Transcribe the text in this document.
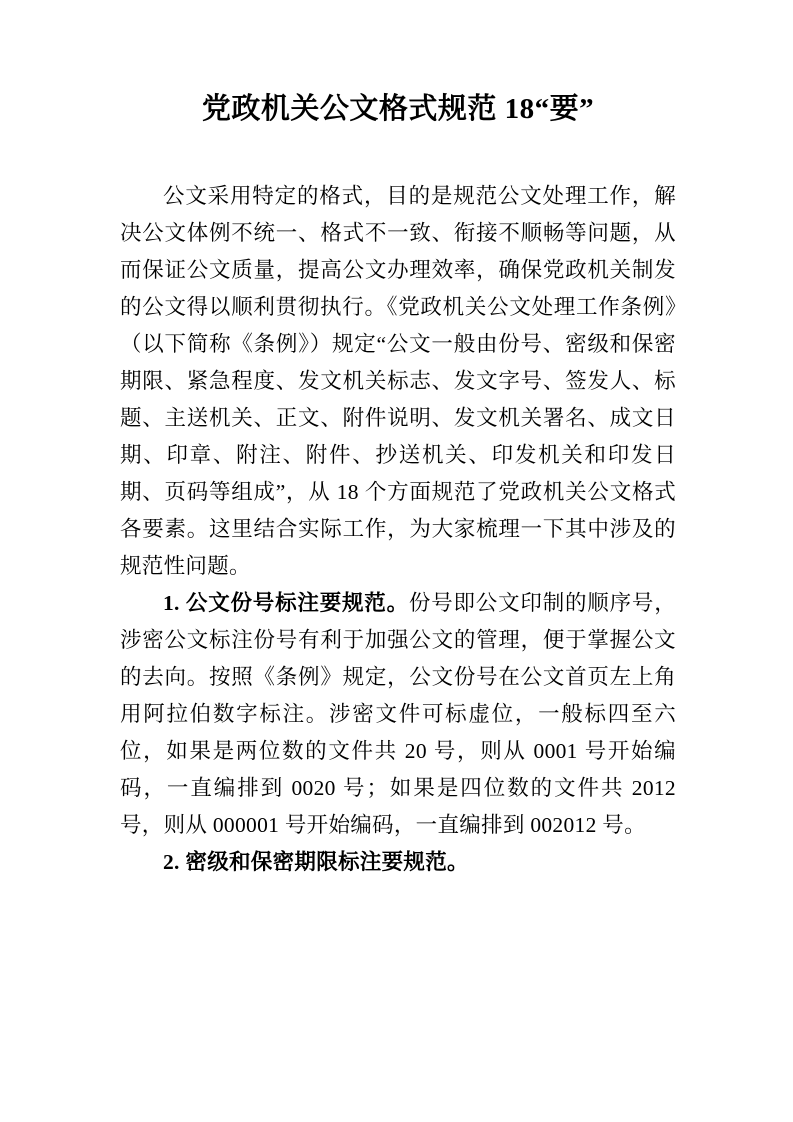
党政机关公文格式规范 18“要”

公文采用特定的格式，目的是规范公文处理工作，解决公文体例不统一、格式不一致、衔接不顺畅等问题，从而保证公文质量，提高公文办理效率，确保党政机关制发的公文得以顺利贯彻执行。《党政机关公文处理工作条例》（以下简称《条例》）规定“公文一般由份号、密级和保密期限、紧急程度、发文机关标志、发文字号、签发人、标题、主送机关、正文、附件说明、发文机关署名、成文日期、印章、附注、附件、抄送机关、印发机关和印发日期、页码等组成”，从 18 个方面规范了党政机关公文格式各要素。这里结合实际工作，为大家梳理一下其中涉及的规范性问题。

1. 公文份号标注要规范。份号即公文印制的顺序号，涉密公文标注份号有利于加强公文的管理，便于掌握公文的去向。按照《条例》规定，公文份号在公文首页左上角用阿拉伯数字标注。涉密文件可标虚位，一般标四至六位，如果是两位数的文件共 20 号，则从 0001 号开始编码，一直编排到 0020 号；如果是四位数的文件共 2012 号，则从 000001 号开始编码，一直编排到 002012 号。

2. 密级和保密期限标注要规范。
